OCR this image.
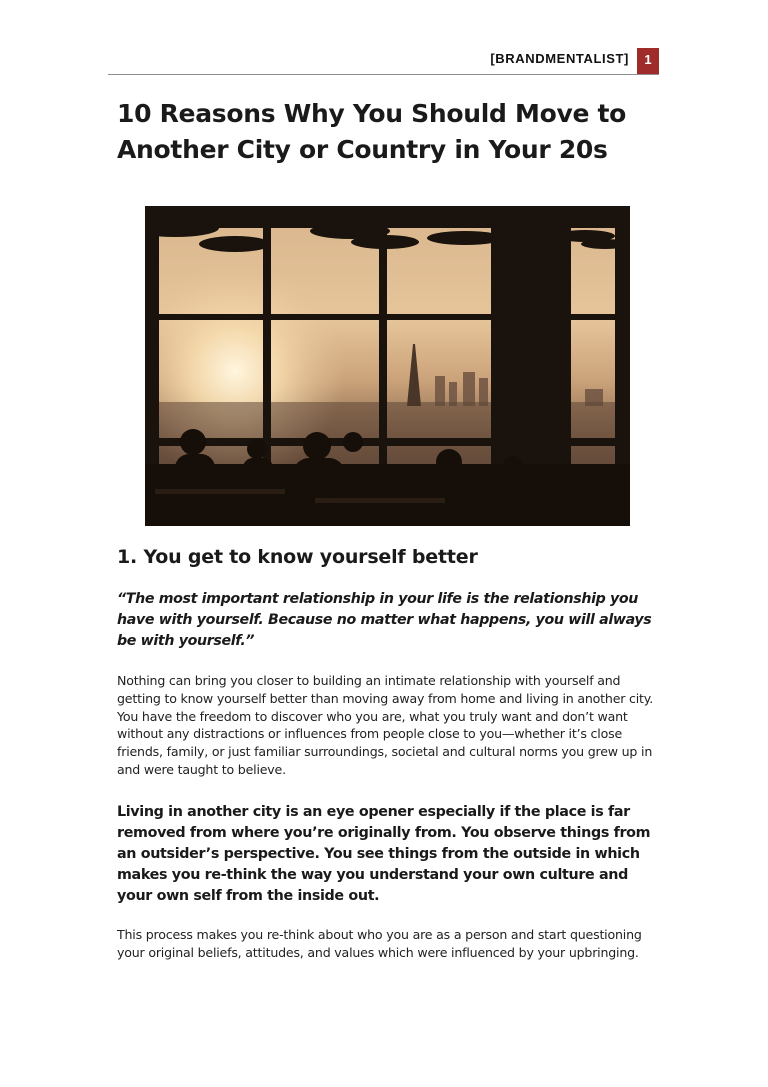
[BRANDMENTALIST]	1
10 Reasons Why You Should Move to Another City or Country in Your 20s
1. You get to know yourself better

“The most important relationship in your life is the relationship you have with yourself. Because no matter what happens, you will always be with yourself.”

Nothing can bring you closer to building an intimate relationship with yourself and getting to know yourself better than moving away from home and living in another city. You have the freedom to discover who you are, what you truly want and don’t want without any distractions or influences from people close to you—whether it’s close friends, family, or just familiar surroundings, societal and cultural norms you grew up in and were taught to believe.

Living in another city is an eye opener especially if the place is far removed from where you’re originally from. You observe things from an outsider’s perspective. You see things from the outside in which makes you re-think the way you understand your own culture and your own self from the inside out.

This process makes you re-think about who you are as a person and start questioning your original beliefs, attitudes, and values which were influenced by your upbringing.
